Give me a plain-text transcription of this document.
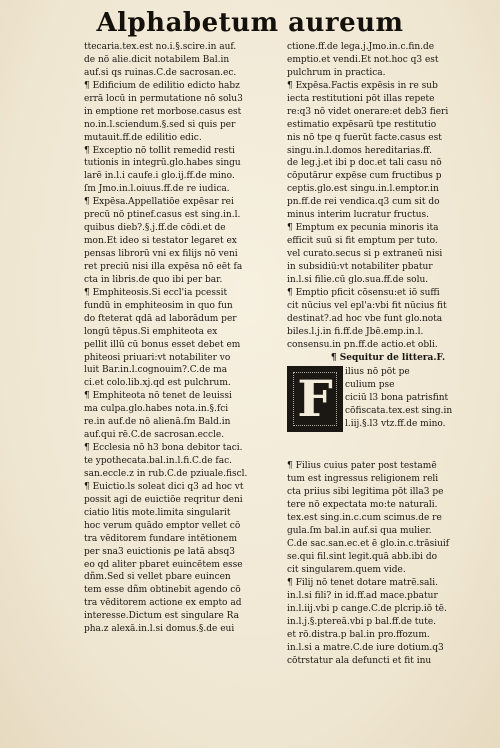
Alphabetum aureum
ttecaria.tex.est no.i.§.scire.in auf.
de nō alie.dicit notabilem Bal.in
auf.si qs ruinas.C.de sacrosan.ec.
¶ Edificium de edilitio edicto habz
errā locū in permutatione nō solu3
in emptione ret morbose.casus est
no.in.l.sciendum.§.sed si quis per
mutauit.ff.de edilitio edic.
¶ Exceptio nō tollit remedid resti
tutionis in integrū.glo.habes singu
larē in.l.i caufe.i glo.ij.ff.de mino.
ſm Jmo.in.l.oiuus.ff.de re iudica.
¶ Expēsa.Appellatiōe expēsar rei
precū nō ptinef.casus est sing.in.l.
quibus dieb?.§.j.ff.de cōdi.et de
mon.Et ideo si testator legaret ex
pensas librorū vni ex filijs nō veni
ret preciū nisi illa expēsa nō eēt fa
cta in libris.de quo ibi per bar.
¶ Emphiteosis.Si eccl'ia pcessit
fundū in emphiteosim in quo fun
do fteterat qdā ad laborādum per
longū tēpus.Si emphiteota ex
pellit illū cū bonus esset debet em
phiteosi priuari:vt notabiliter vo
luit Bar.in.l.cognouim?.C.de ma
ci.et colo.lib.xj.qd est pulchrum.
¶ Emphiteota nō tenet de leuissi
ma culpa.glo.habes nota.in.§.fci
re.in auf.de nō alienā.ſm Bald.in
auf.qui rē.C.de sacrosan.eccle.
¶ Ecclesia nō h3 bona debitor taci.
te ypothecata.bal.in.l.fi.C.de fac.
san.eccle.z in rub.C.de pziuale.fiscl.
¶ Euictio.ls soleat dici q3 ad hoc vt
possit agi de euictiōe reqritur deni
ciatio litis mote.limita singularit
hoc verum quādo emptor vellet cō
tra vēditorem fundare intētionem
per sna3 euictionis ꝑe latā absq3
eo qd aliter pbaret euincētem esse
dñm.Sed si vellet pbare euincen
tem esse dñm obtinebit agendo cō
tra vēditorem actione ex empto ad
interesse.Dictum est singulare Ra
pha.z alexā.in.l.si domus.§.de eui
ctione.ff.de lega.j.Jmo.in.c.fin.de
emptio.et vendi.Et not.hoc q3 est
pulchrum in practica.
¶ Expēsa.Factis expēsis in re sub
iecta restitutioni pōt illas repete
re:q3 nō videt onerare:et deb3 fieri
estimatio expēsarū tpe restitutio
nis nō tpe q fuerūt facte.casus est
singu.in.l.domos hereditarias.ff.
de leg.j.et ibi p doc.et tali casu nō
cōputārur expēse cum fructibus p
ceptis.glo.est singu.in.l.emptor.in
pn.ff.de rei vendica.q3 cum sit do
minus interim lucratur fructus.
¶ Emptum ex pecunia minoris ita
efficit suū si fit emptum per tuto.
vel curato.secus si p extraneū nisi
in subsidiū:vt notabiliter pbatur
in.l.si filie.cū glo.sua.ff.de solu.
¶ Emptio pficit cōsensu:et iō suffi
cit nūcius vel epl'a:vbi fit nūcius fit
destinat?.ad hoc vbe funt glo.nota
biles.l.j.in fi.ff.de Jbē.emp.in.l.
consensu.in pn.ff.de actio.et obli.
¶ Sequitur de littera.F.
F	ilius nō pōt pe
culium pse
ciciū l3 bona patrisfint
cōfiscata.tex.est sing.in
l.iij.§.l3 vtz.ff.de mino.
¶ Filius cuius pater post testamē
tum est ingressus religionem reli
cta priius sibi legitima pōt illa3 pe
tere nō expectata mo:te naturali.
tex.est sing.in.c.cum scimus.de re
gula.ſm bal.in auf.si qua mulier.
C.de sac.san.ec.et ē glo.in.c.trāsiuif
se.qui fil.sint legit.quā abb.ibi do
cit singularem.quem vide.
¶ Filij nō tenet dotare matrē.sali.
in.l.si fili? in id.ff.ad mace.pbatur
in.l.iij.vbi p cange.C.de plcrip.iō tē.
in.l.j.§.ptereā.vbi p bal.ff.de tute.
et rō.distra.p bal.in pro.ffozum.
in.l.si a matre.C.de iure dotium.q3
cōtrstatur ala defuncti et fit inu
